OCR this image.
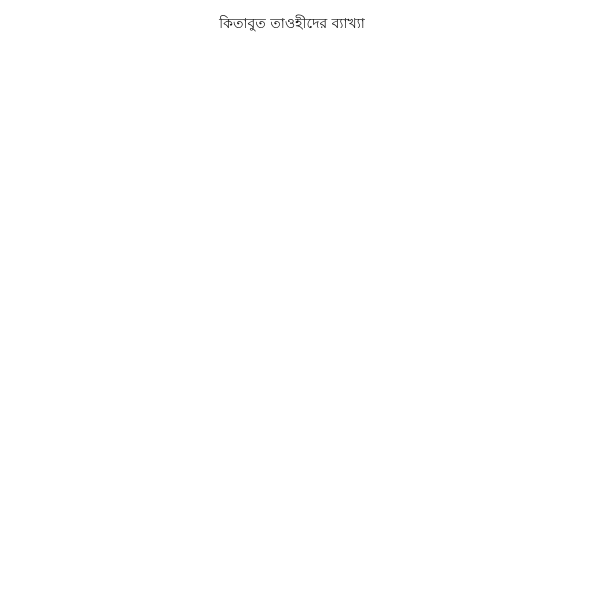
কিতাবুত তাওহীদের ব্যাখ্যা
